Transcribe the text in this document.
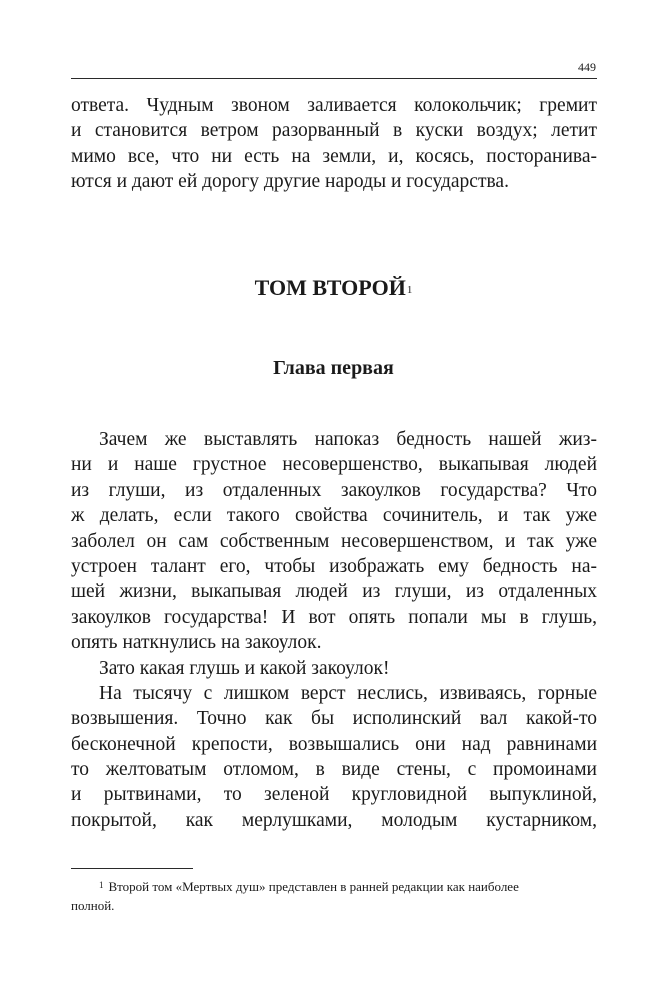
449
ответа. Чудным звоном заливается колокольчик; гремит
и становится ветром разорванный в куски воздух; летит
мимо все, что ни есть на земли, и, косясь, посторанива-
ются и дают ей дорогу другие народы и государства.
ТОМ ВТОРОЙ$^1$
Глава первая
Зачем же выставлять напоказ бедность нашей жиз-
ни и наше грустное несовершенство, выкапывая людей
из глуши, из отдаленных закоулков государства? Что
ж делать, если такого свойства сочинитель, и так уже
заболел он сам собственным несовершенством, и так уже
устроен талант его, чтобы изображать ему бедность на-
шей жизни, выкапывая людей из глуши, из отдаленных
закоулков государства! И вот опять попали мы в глушь,
опять наткнулись на закоулок.
Зато какая глушь и какой закоулок!
На тысячу с лишком верст неслись, извиваясь, горные
возвышения. Точно как бы исполинский вал какой-то
бесконечной крепости, возвышались они над равнинами
то желтоватым отломом, в виде стены, с промоинами
и рытвинами, то зеленой кругловидной выпуклиной,
покрытой, как мерлушками, молодым кустарником,
$^1$ Второй том «Мертвых душ» представлен в ранней редакции как наиболее
полной.
